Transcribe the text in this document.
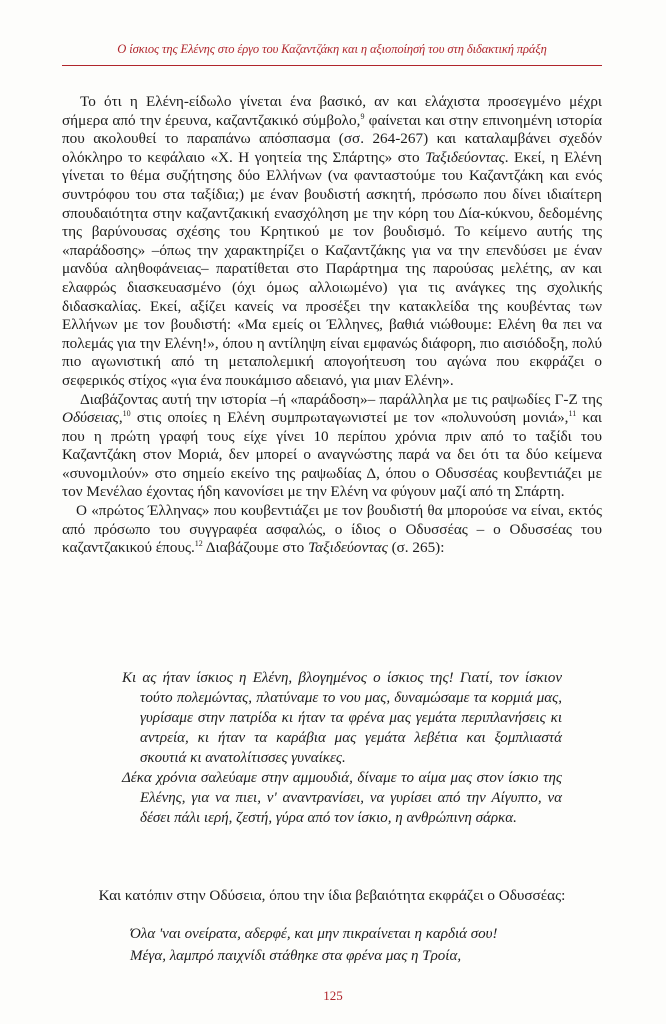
Ο ίσκιος της Ελένης στο έργο του Καζαντζάκη και η αξιοποίησή του στη διδακτική πράξη

Το ότι η Ελένη-είδωλο γίνεται ένα βασικό, αν και ελάχιστα προσεγμένο μέχρι σήμερα από την έρευνα, καζαντζακικό σύμβολο,$^9$ φαίνεται και στην επινοημένη ιστορία που ακολουθεί το παραπάνω απόσπασμα (σσ. 264-267) και καταλαμβάνει σχεδόν ολόκληρο το κεφάλαιο «Χ. Η γοητεία της Σπάρτης» στο Ταξιδεύοντας. Εκεί, η Ελένη γίνεται το θέμα συζήτησης δύο Ελλήνων (να φανταστούμε του Καζαντζάκη και ενός συντρόφου του στα ταξίδια;) με έναν βουδιστή ασκητή, πρόσωπο που δίνει ιδιαίτερη σπουδαιότητα στην καζαντζακική ενασχόληση με την κόρη του Δία-κύκνου, δεδομένης της βαρύνουσας σχέσης του Κρητικού με τον βουδισμό. Το κείμενο αυτής της «παράδοσης» –όπως την χαρακτηρίζει ο Καζαντζάκης για να την επενδύσει με έναν μανδύα αληθοφάνειας– παρατίθεται στο Παράρτημα της παρούσας μελέτης, αν και ελαφρώς διασκευασμένο (όχι όμως αλλοιωμένο) για τις ανάγκες της σχολικής διδασκαλίας. Εκεί, αξίζει κανείς να προσέξει την κατακλείδα της κουβέντας των Ελλήνων με τον βουδιστή: «Μα εμείς οι Έλληνες, βαθιά νιώθουμε: Ελένη θα πει να πολεμάς για την Ελένη!», όπου η αντίληψη είναι εμφανώς διάφορη, πιο αισιόδοξη, πολύ πιο αγωνιστική από τη μεταπολεμική απογοήτευση του αγώνα που εκφράζει ο σεφερικός στίχος «για ένα πουκάμισο αδειανό, για μιαν Ελένη».

Διαβάζοντας αυτή την ιστορία –ή «παράδοση»– παράλληλα με τις ραψωδίες Γ-Ζ της Οδύσειας,$^{10}$ στις οποίες η Ελένη συμπρωταγωνιστεί με τον «πολυνούση μονιά»,$^{11}$ και που η πρώτη γραφή τους είχε γίνει 10 περίπου χρόνια πριν από το ταξίδι του Καζαντζάκη στον Μοριά, δεν μπορεί ο αναγνώστης παρά να δει ότι τα δύο κείμενα «συνομιλούν» στο σημείο εκείνο της ραψωδίας Δ, όπου ο Οδυσσέας κουβεντιάζει με τον Μενέλαο έχοντας ήδη κανονίσει με την Ελένη να φύγουν μαζί από τη Σπάρτη.

Ο «πρώτος Έλληνας» που κουβεντιάζει με τον βουδιστή θα μπορούσε να είναι, εκτός από πρόσωπο του συγγραφέα ασφαλώς, ο ίδιος ο Οδυσσέας – ο Οδυσσέας του καζαντζακικού έπους.$^{12}$ Διαβάζουμε στο Ταξιδεύοντας (σ. 265):

Κι ας ήταν ίσκιος η Ελένη, βλογημένος ο ίσκιος της! Γιατί, τον ίσκιον τούτο πολεμώντας, πλατύναμε το νου μας, δυναμώσαμε τα κορμιά μας, γυρίσαμε στην πατρίδα κι ήταν τα φρένα μας γεμάτα περιπλανήσεις κι αντρεία, κι ήταν τα καράβια μας γεμάτα λεβέτια και ξομπλιαστά σκουτιά κι ανατολίτισσες γυναίκες.

Δέκα χρόνια σαλεύαμε στην αμμουδιά, δίναμε το αίμα μας στον ίσκιο της Ελένης, για να πιει, ν' αναντρανίσει, να γυρίσει από την Αίγυπτο, να δέσει πάλι ιερή, ζεστή, γύρα από τον ίσκιο, η ανθρώπινη σάρκα.

Και κατόπιν στην Οδύσεια, όπου την ίδια βεβαιότητα εκφράζει ο Οδυσσέας:
Όλα 'ναι ονείρατα, αδερφέ, και μην πικραίνεται η καρδιά σου!
Μέγα, λαμπρό παιχνίδι στάθηκε στα φρένα μας η Τροία,
125
